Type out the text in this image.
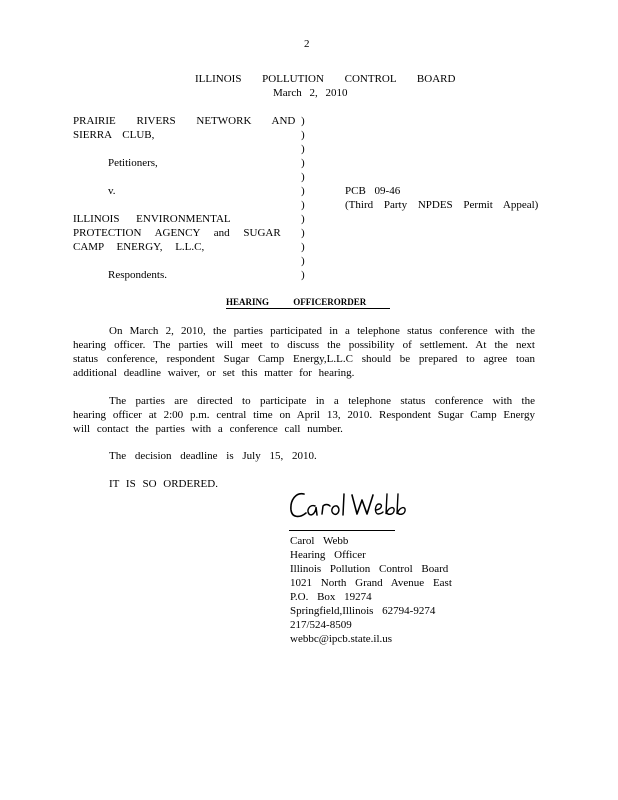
2
ILLINOIS POLLUTION CONTROL BOARD
March 2, 2010
PRAIRIE RIVERS NETWORK AND
SIERRA CLUB,
Petitioners,
v.
ILLINOIS ENVIRONMENTAL
PROTECTION AGENCY and SUGAR
CAMP ENERGY, L.L.C,
Respondents.
)
)
)
)
)
)
)
)
)
)
)
)
PCB 09-46
(Third Party NPDES Permit Appeal)
HEARING OFFICERORDER
On March 2, 2010, the parties participated in a telephone status conference with the hearing officer. The parties will meet to discuss the possibility of settlement. At the next status conference, respondent Sugar Camp Energy,L.L.C should be prepared to agree toan additional deadline waiver, or set this matter for hearing.
The parties are directed to participate in a telephone status conference with the hearing officer at 2:00 p.m. central time on April 13, 2010. Respondent Sugar Camp Energy will contact the parties with a conference call number.
The decision deadline is July 15, 2010.
IT IS SO ORDERED.
Carol Webb
Hearing Officer
Illinois Pollution Control Board
1021 North Grand Avenue East
P.O. Box 19274
Springfield,Illinois 62794-9274
217/524-8509
webbc@ipcb.state.il.us
